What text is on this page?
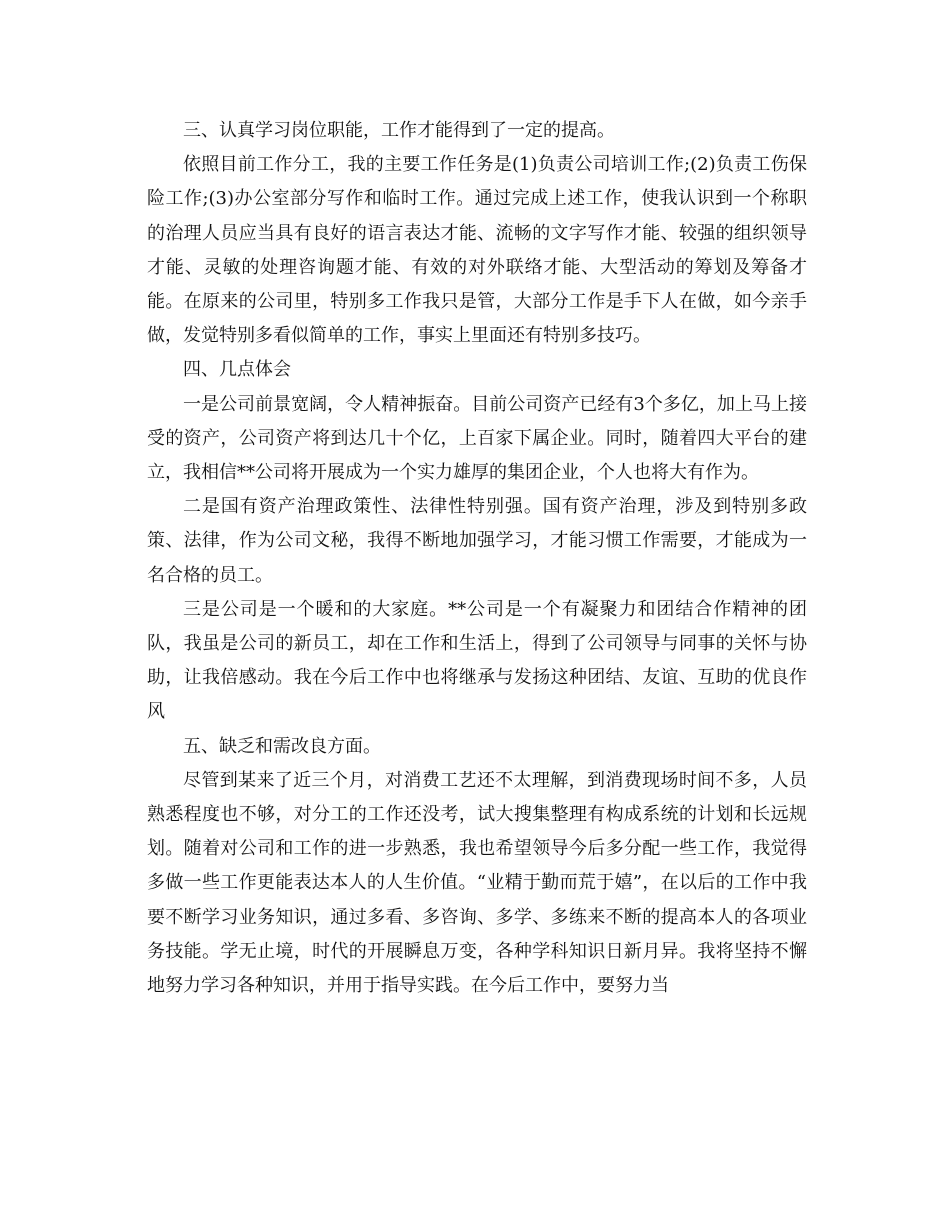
三、认真学习岗位职能，工作才能得到了一定的提高。

依照目前工作分工，我的主要工作任务是(1)负责公司培训工作;(2)负责工伤保险工作;(3)办公室部分写作和临时工作。通过完成上述工作，使我认识到一个称职的治理人员应当具有良好的语言表达才能、流畅的文字写作才能、较强的组织领导才能、灵敏的处理咨询题才能、有效的对外联络才能、大型活动的筹划及筹备才能。在原来的公司里，特别多工作我只是管，大部分工作是手下人在做，如今亲手做，发觉特别多看似简单的工作，事实上里面还有特别多技巧。

四、几点体会

一是公司前景宽阔，令人精神振奋。目前公司资产已经有3个多亿，加上马上接受的资产，公司资产将到达几十个亿，上百家下属企业。同时，随着四大平台的建立，我相信**公司将开展成为一个实力雄厚的集团企业，个人也将大有作为。

二是国有资产治理政策性、法律性特别强。国有资产治理，涉及到特别多政策、法律，作为公司文秘，我得不断地加强学习，才能习惯工作需要，才能成为一名合格的员工。

三是公司是一个暖和的大家庭。**公司是一个有凝聚力和团结合作精神的团队，我虽是公司的新员工，却在工作和生活上，得到了公司领导与同事的关怀与协助，让我倍感动。我在今后工作中也将继承与发扬这种团结、友谊、互助的优良作风

五、缺乏和需改良方面。

尽管到某来了近三个月，对消费工艺还不太理解，到消费现场时间不多，人员熟悉程度也不够，对分工的工作还没考，试大搜集整理有构成系统的计划和长远规划。随着对公司和工作的进一步熟悉，我也希望领导今后多分配一些工作，我觉得多做一些工作更能表达本人的人生价值。“业精于勤而荒于嬉”，在以后的工作中我要不断学习业务知识，通过多看、多咨询、多学、多练来不断的提高本人的各项业务技能。学无止境，时代的开展瞬息万变，各种学科知识日新月异。我将坚持不懈地努力学习各种知识，并用于指导实践。在今后工作中，要努力当
